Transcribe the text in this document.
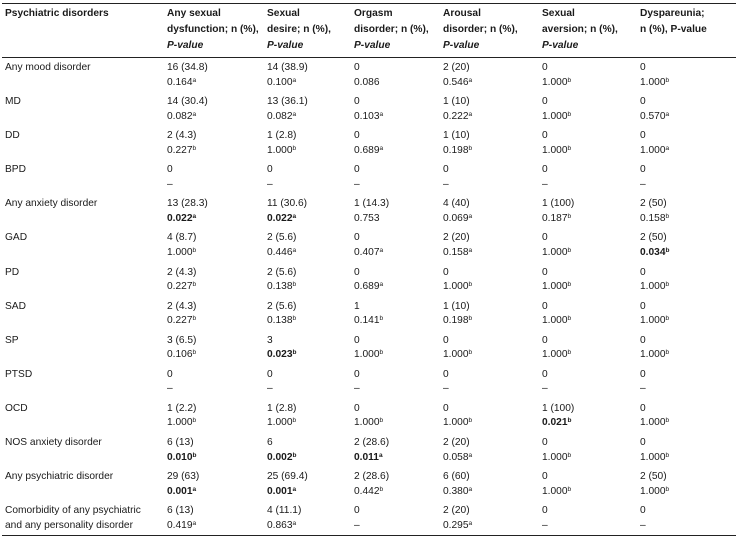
Psychiatric disorders	Any sexual
dysfunction; n (%),
P-value	Sexual
desire; n (%),
P-value	Orgasm
disorder; n (%),
P-value	Arousal
disorder; n (%),
P-value	Sexual
aversion; n (%),
P-value	Dyspareunia;
n (%), P-value
Any mood disorder	16 (34.8)	14 (38.9)	0	2 (20)	0	0
	0.164$^a$	0.100$^a$	0.086	0.546$^a$	1.000$^b$	1.000$^b$
MD	14 (30.4)	13 (36.1)	0	1 (10)	0	0
	0.082$^a$	0.082$^a$	0.103$^a$	0.222$^a$	1.000$^b$	0.570$^a$
DD	2 (4.3)	1 (2.8)	0	1 (10)	0	0
	0.227$^b$	1.000$^b$	0.689$^a$	0.198$^b$	1.000$^b$	1.000$^a$
BPD	0	0	0	0	0	0
	–	–	–	–	–	–
Any anxiety disorder	13 (28.3)	11 (30.6)	1 (14.3)	4 (40)	1 (100)	2 (50)
	0.022$^a$	0.022$^a$	0.753	0.069$^a$	0.187$^b$	0.158$^b$
GAD	4 (8.7)	2 (5.6)	0	2 (20)	0	2 (50)
	1.000$^b$	0.446$^a$	0.407$^a$	0.158$^a$	1.000$^b$	0.034$^b$
PD	2 (4.3)	2 (5.6)	0	0	0	0
	0.227$^b$	0.138$^b$	0.689$^a$	1.000$^b$	1.000$^b$	1.000$^b$
SAD	2 (4.3)	2 (5.6)	1	1 (10)	0	0
	0.227$^b$	0.138$^b$	0.141$^b$	0.198$^b$	1.000$^b$	1.000$^b$
SP	3 (6.5)	3	0	0	0	0
	0.106$^b$	0.023$^b$	1.000$^b$	1.000$^b$	1.000$^b$	1.000$^b$
PTSD	0	0	0	0	0	0
	–	–	–	–	–	–
OCD	1 (2.2)	1 (2.8)	0	0	1 (100)	0
	1.000$^b$	1.000$^b$	1.000$^b$	1.000$^b$	0.021$^b$	1.000$^b$
NOS anxiety disorder	6 (13)	6	2 (28.6)	2 (20)	0	0
	0.010$^b$	0.002$^b$	0.011$^a$	0.058$^a$	1.000$^b$	1.000$^b$
Any psychiatric disorder	29 (63)	25 (69.4)	2 (28.6)	6 (60)	0	2 (50)
	0.001$^a$	0.001$^a$	0.442$^b$	0.380$^a$	1.000$^b$	1.000$^b$
Comorbidity of any psychiatric	6 (13)	4 (11.1)	0	2 (20)	0	0
and any personality disorder	0.419$^a$	0.863$^a$	–	0.295$^a$	–	–
